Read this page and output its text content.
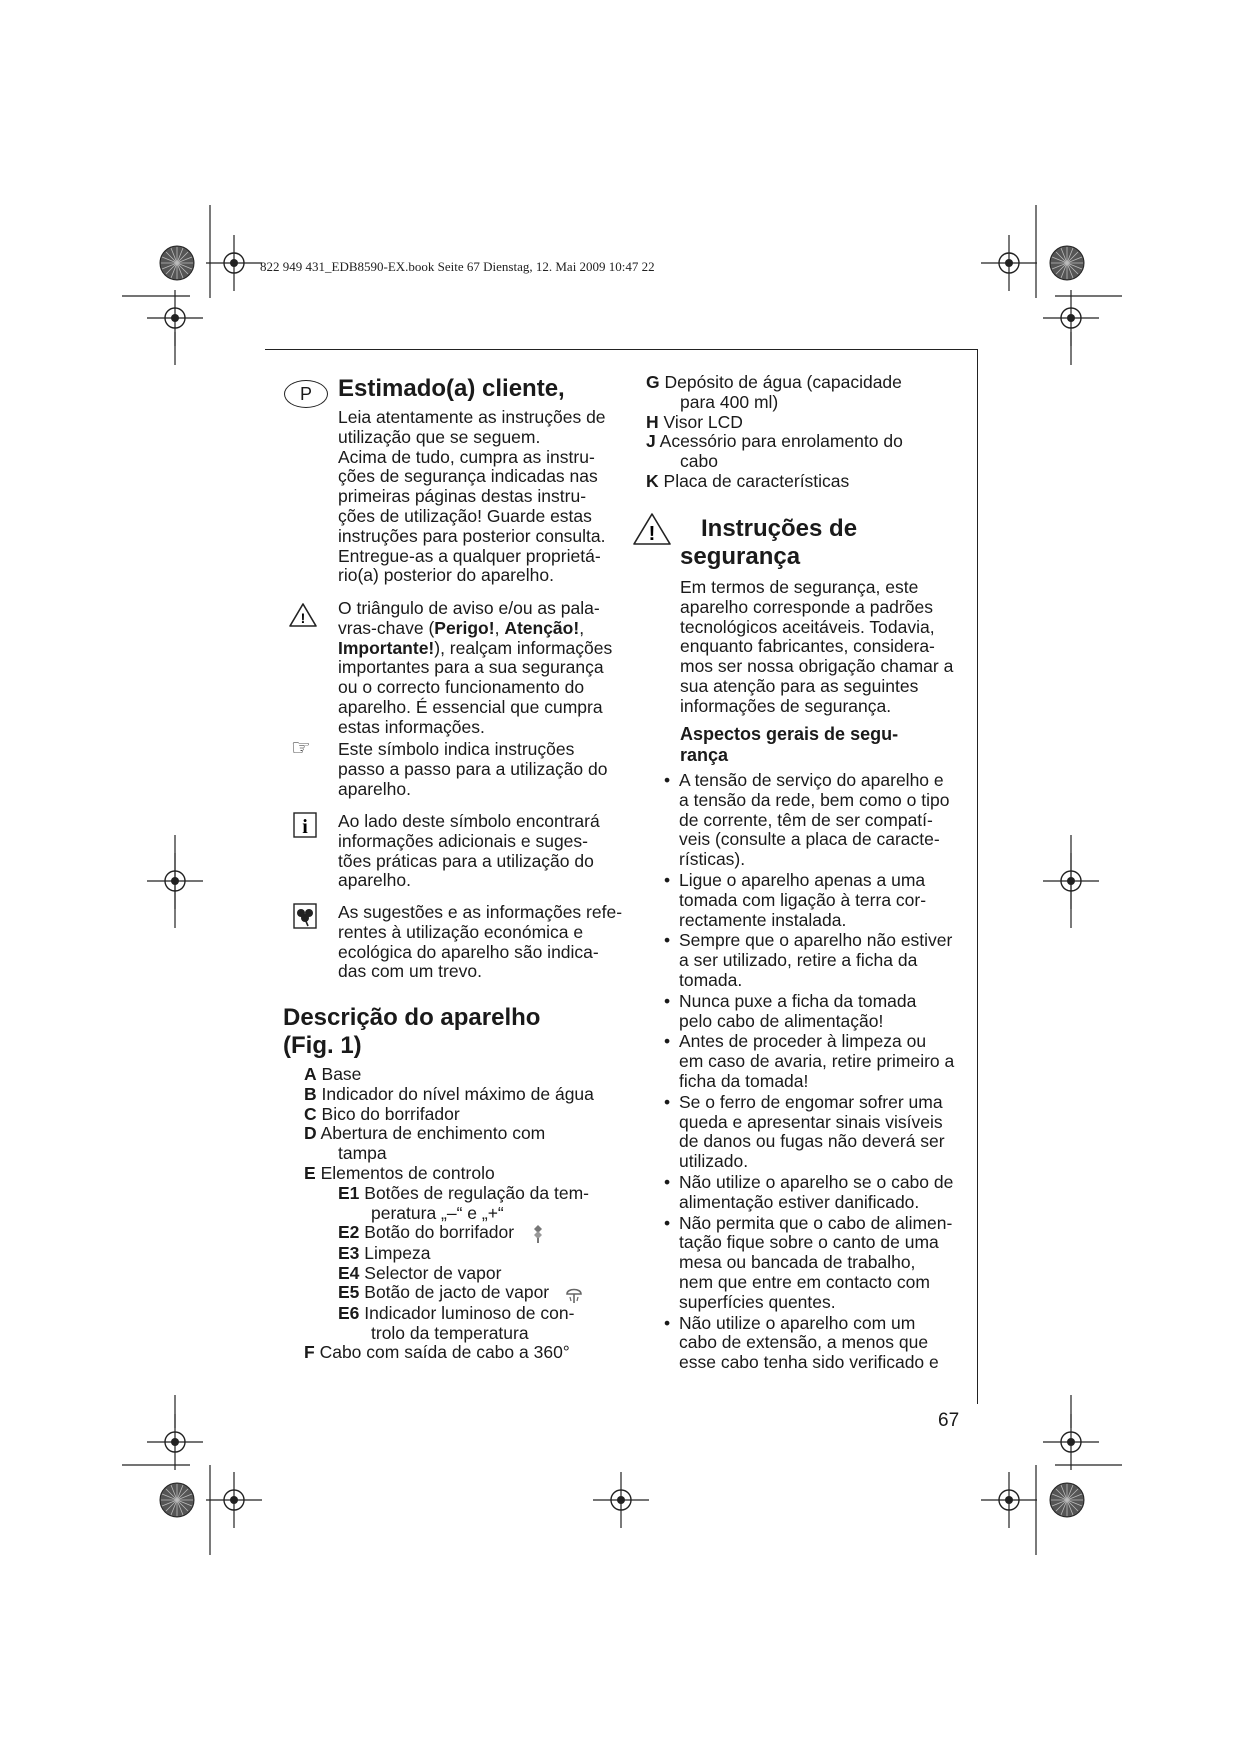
822 949 431_EDB8590-EX.book Seite 67 Dienstag, 12. Mai 2009 10:47 22
P	Estimado(a) cliente,

Leia atentamente as instruções de

utilização que se seguem.

Acima de tudo, cumpra as instru-

ções de segurança indicadas nas

primeiras páginas destas instru-

ções de utilização! Guarde estas

instruções para posterior consulta.

Entregue-as a qualquer proprietá-

rio(a) posterior do aparelho.

! O triângulo de aviso e/ou as pala-

vras-chave (Perigo!, Atenção!,

Importante!), realçam informações

importantes para a sua segurança

ou o correcto funcionamento do

aparelho. É essencial que cumpra

estas informações.

☞ Este símbolo indica instruções

passo a passo para a utilização do

aparelho.

i Ao lado deste símbolo encontrará

informações adicionais e suges-

tões práticas para a utilização do

aparelho.

As sugestões e as informações refe-

rentes à utilização económica e

ecológica do aparelho são indica-

das com um trevo.

Descrição do aparelho
(Fig. 1)

A Base

B Indicador do nível máximo de água

C Bico do borrifador

D Abertura de enchimento com

tampa

E Elementos de controlo

E1 Botões de regulação da tem-

peratura „–“ e „+“

E2 Botão do borrifador

E3 Limpeza

E4 Selector de vapor

E5 Botão de jacto de vapor

E6 Indicador luminoso de con-

trolo da temperatura

F Cabo com saída de cabo a 360°

G Depósito de água (capacidade

para 400 ml)

H Visor LCD

J Acessório para enrolamento do

cabo

K Placa de características

! Instruções de
segurança

Em termos de segurança, este

aparelho corresponde a padrões

tecnológicos aceitáveis. Todavia,

enquanto fabricantes, considera-

mos ser nossa obrigação chamar a

sua atenção para as seguintes

informações de segurança.

Aspectos gerais de segu-
rança
• A tensão de serviço do aparelho e
a tensão da rede, bem como o tipo
de corrente, têm de ser compatí-
veis (consulte a placa de caracte-
rísticas).
• Ligue o aparelho apenas a uma
tomada com ligação à terra cor-
rectamente instalada.
• Sempre que o aparelho não estiver
a ser utilizado, retire a ficha da
tomada.
• Nunca puxe a ficha da tomada
pelo cabo de alimentação!
• Antes de proceder à limpeza ou
em caso de avaria, retire primeiro a
ficha da tomada!
• Se o ferro de engomar sofrer uma
queda e apresentar sinais visíveis
de danos ou fugas não deverá ser
utilizado.
• Não utilize o aparelho se o cabo de
alimentação estiver danificado.
• Não permita que o cabo de alimen-
tação fique sobre o canto de uma
mesa ou bancada de trabalho,
nem que entre em contacto com
superfícies quentes.
• Não utilize o aparelho com um
cabo de extensão, a menos que
esse cabo tenha sido verificado e
67
